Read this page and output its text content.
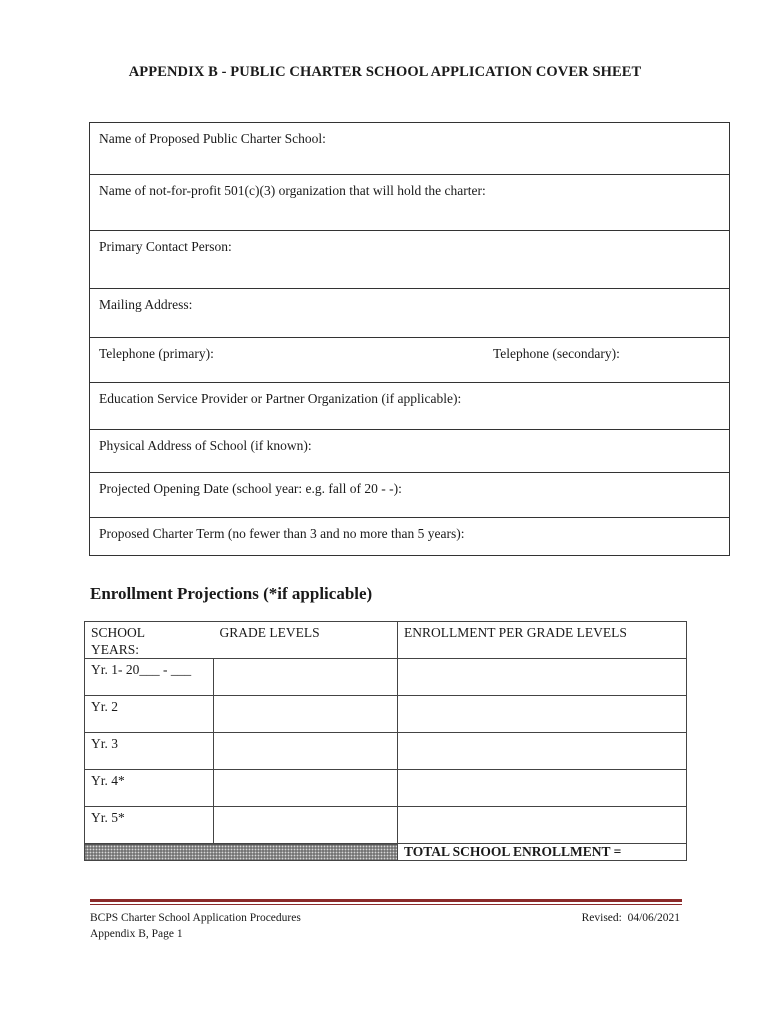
APPENDIX B - PUBLIC CHARTER SCHOOL APPLICATION COVER SHEET
Name of Proposed Public Charter School:
Name of not-for-profit 501(c)(3) organization that will hold the charter:
Primary Contact Person:
Mailing Address:
Telephone (primary):	Telephone (secondary):
Education Service Provider or Partner Organization (if applicable):
Physical Address of School (if known):
Projected Opening Date (school year: e.g. fall of 20 - -):
Proposed Charter Term (no fewer than 3 and no more than 5 years):
Enrollment Projections (*if applicable)
SCHOOL
YEARS:	GRADE LEVELS	ENROLLMENT PER GRADE LEVELS
Yr. 1- 20___ - ___		
Yr. 2		
Yr. 3		
Yr. 4*		
Yr. 5*		
		TOTAL SCHOOL ENROLLMENT =
BCPS Charter School Application Procedures
Appendix B, Page 1
Revised:  04/06/2021
